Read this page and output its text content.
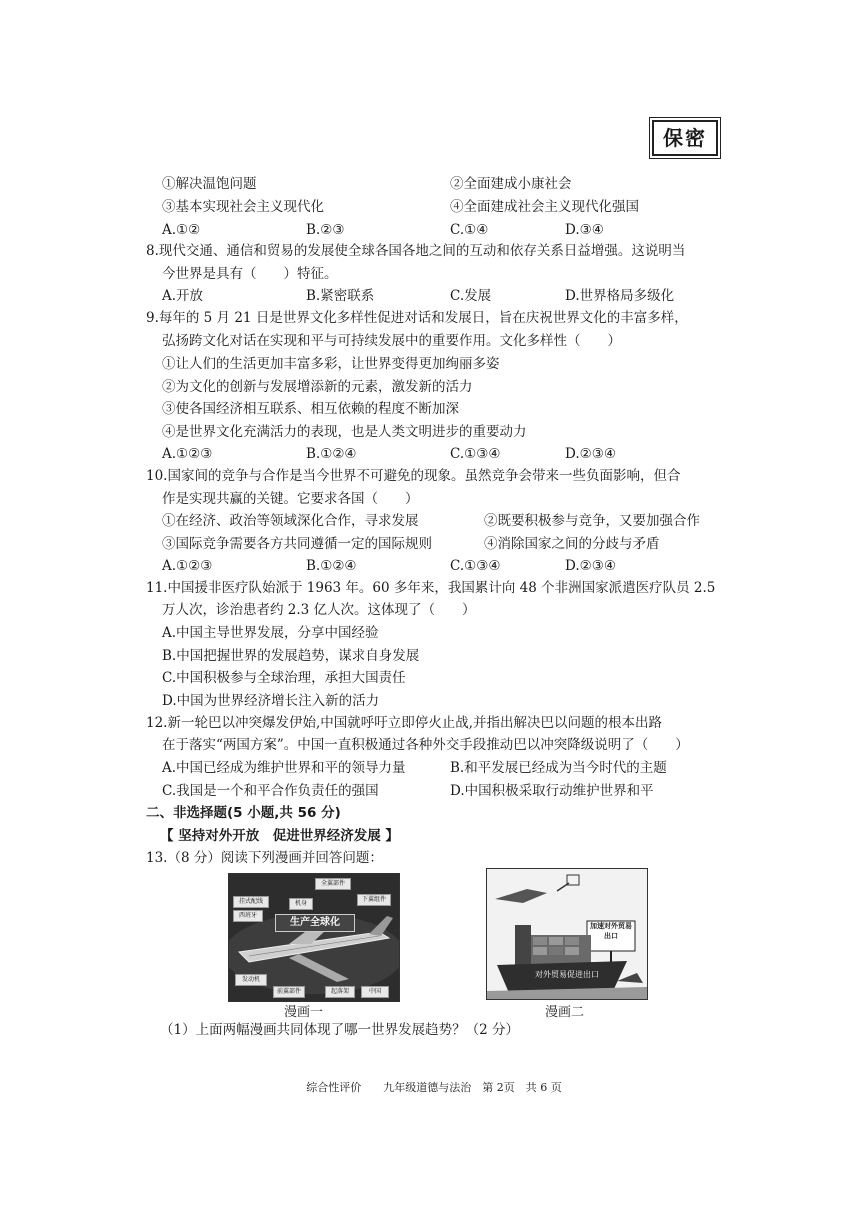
保密
①解决温饱问题	②全面建成小康社会
③基本实现社会主义现代化	④全面建成社会主义现代化强国
A.①②	B.②③	C.①④	D.③④
8.现代交通、通信和贸易的发展使全球各国各地之间的互动和依存关系日益增强。这说明当
今世界是具有（　　）特征。
A.开放	B.紧密联系	C.发展	D.世界格局多级化
9.每年的 5 月 21 日是世界文化多样性促进对话和发展日，旨在庆祝世界文化的丰富多样，
弘扬跨文化对话在实现和平与可持续发展中的重要作用。文化多样性（　　）
①让人们的生活更加丰富多彩，让世界变得更加绚丽多姿
②为文化的创新与发展增添新的元素，激发新的活力
③使各国经济相互联系、相互依赖的程度不断加深
④是世界文化充满活力的表现，也是人类文明进步的重要动力
A.①②③	B.①②④	C.①③④	D.②③④
10.国家间的竞争与合作是当今世界不可避免的现象。虽然竞争会带来一些负面影响，但合
作是实现共赢的关键。它要求各国（　　）
①在经济、政治等领域深化合作，寻求发展	②既要积极参与竞争，又要加强合作
③国际竞争需要各方共同遵循一定的国际规则	④消除国家之间的分歧与矛盾
A.①②③	B.①②④	C.①③④	D.②③④
11.中国援非医疗队始派于 1963 年。60 多年来，我国累计向 48 个非洲国家派遣医疗队员 2.5
万人次，诊治患者约 2.3 亿人次。这体现了（　　）
A.中国主导世界发展，分享中国经验
B.中国把握世界的发展趋势，谋求自身发展
C.中国积极参与全球治理，承担大国责任
D.中国为世界经济增长注入新的活力
12.新一轮巴以冲突爆发伊始,中国就呼吁立即停火止战,并指出解决巴以问题的根本出路
在于落实“两国方案”。中国一直积极通过各种外交手段推动巴以冲突降级说明了（　　）
A.中国已经成为维护世界和平的领导力量	B.和平发展已经成为当今时代的主题
C.我国是一个和平合作负责任的强国	D.中国积极采取行动维护世界和平
二、非选择题(5 小题,共 56 分)
【 坚持对外开放　促进世界经济发展 】
13.（8 分）阅读下列漫画并回答问题：
（1）上面两幅漫画共同体现了哪一世界发展趋势？（2 分）
生产全球化
全翼部件
下翼组件
挂式配线
西班牙
机身
发动机
前翼部件	起落架	中国
漫画一
加速对外贸易出口
对外贸易促进出口
漫画二
综合性评价　　九年级道德与法治　第 2页　共 6 页
